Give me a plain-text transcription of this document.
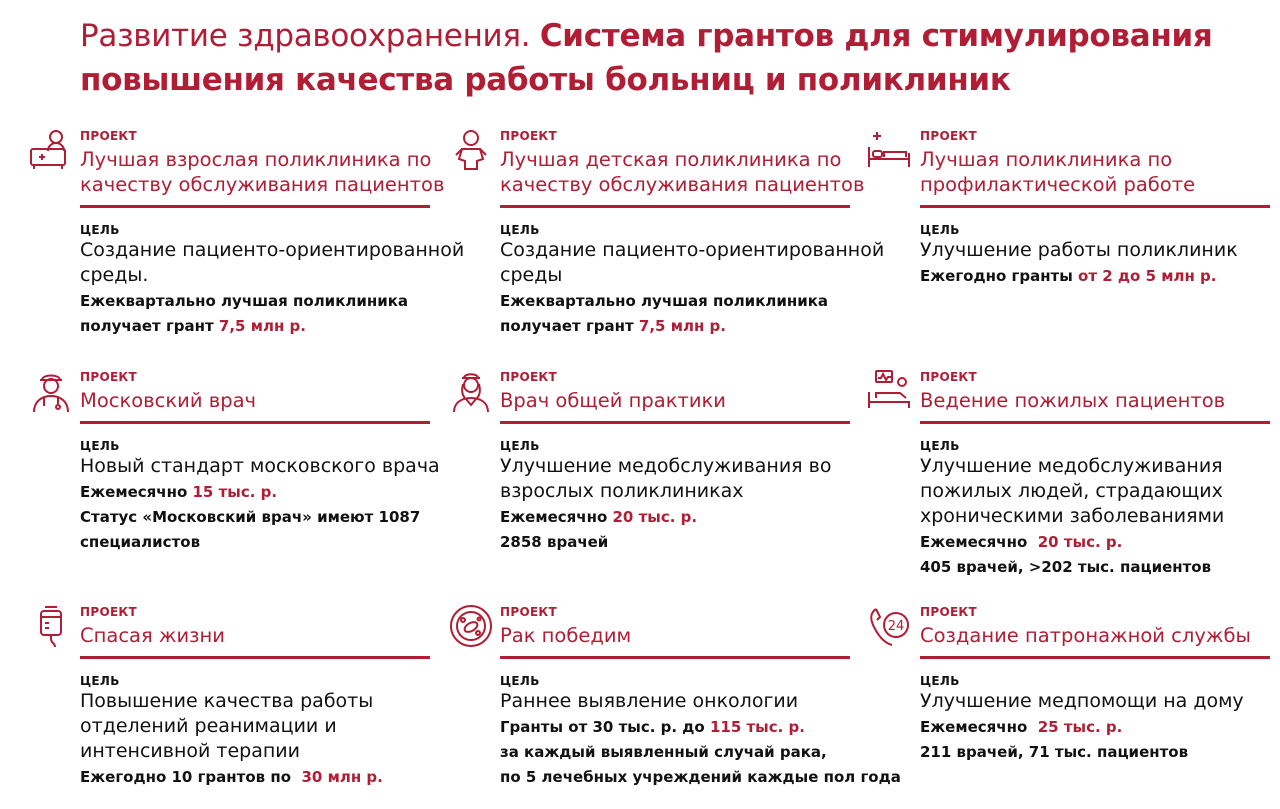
Развитие здравоохранения. Система грантов для стимулирования
повышения качества работы больниц и поликлиник
ПРОЕКТ
Лучшая взрослая поликлиника по
качеству обслуживания пациентов
ЦЕЛЬ
Создание пациенто-ориентированной
среды.
Ежеквартально лучшая поликлиника
получает грант 7,5 млн р.
ПРОЕКТ
Лучшая детская поликлиника по
качеству обслуживания пациентов
ЦЕЛЬ
Создание пациенто-ориентированной
среды
Ежеквартально лучшая поликлиника
получает грант 7,5 млн р.
ПРОЕКТ
Лучшая поликлиника по
профилактической работе
ЦЕЛЬ
Улучшение работы поликлиник
Ежегодно гранты от 2 до 5 млн р.
ПРОЕКТ
Московский врач
ЦЕЛЬ
Новый стандарт московского врача
Ежемесячно 15 тыс. р.
Статус «Московский врач» имеют 1087
специалистов
ПРОЕКТ
Врач общей практики
ЦЕЛЬ
Улучшение медобслуживания во
взрослых поликлиниках
Ежемесячно 20 тыс. р.
2858 врачей
ПРОЕКТ
Ведение пожилых пациентов
ЦЕЛЬ
Улучшение медобслуживания
пожилых людей, страдающих
хроническими заболеваниями
Ежемесячно  20 тыс. р.
405 врачей, >202 тыс. пациентов
ПРОЕКТ
Спасая жизни
ЦЕЛЬ
Повышение качества работы
отделений реанимации и
интенсивной терапии
Ежегодно 10 грантов по  30 млн р.
ПРОЕКТ
Рак победим
ЦЕЛЬ
Раннее выявление онкологии
Гранты от 30 тыс. р. до 115 тыс. р.
за каждый выявленный случай рака,
по 5 лечебных учреждений каждые пол года
24
ПРОЕКТ
Создание патронажной службы
ЦЕЛЬ
Улучшение медпомощи на дому
Ежемесячно  25 тыс. р.
211 врачей, 71 тыс. пациентов
